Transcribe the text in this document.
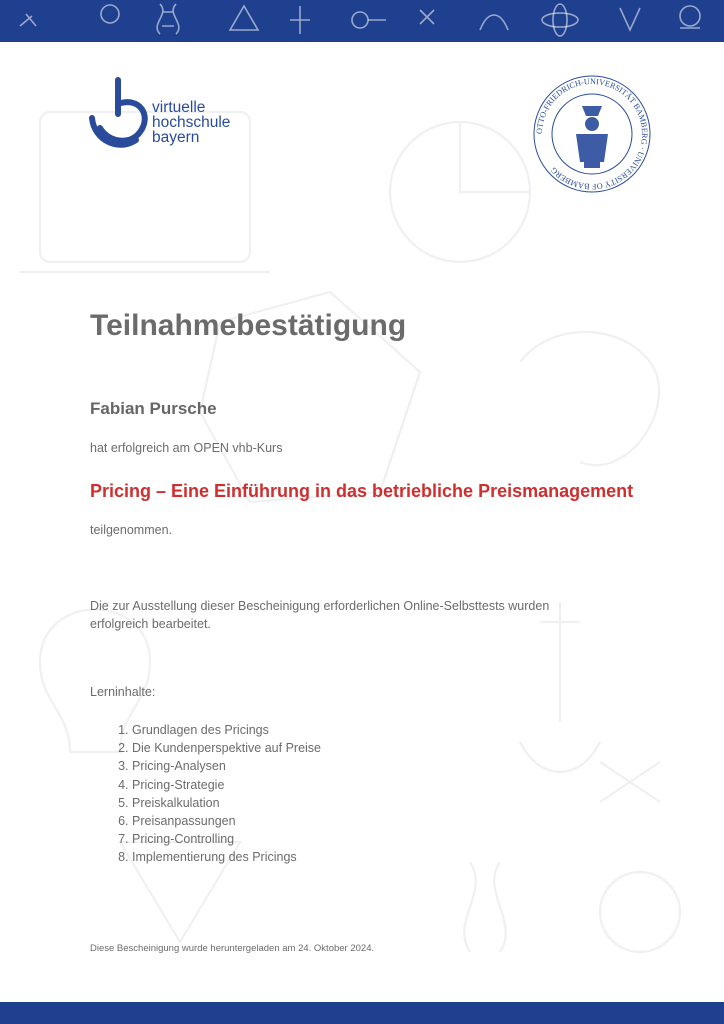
virtuelle
hochschule
bayern	OTTO-FRIEDRICH-UNIVERSITÄT BAMBERG · UNIVERSITY OF BAMBERG
Teilnahmebestätigung

Fabian Pursche

hat erfolgreich am OPEN vhb-Kurs

Pricing – Eine Einführung in das betriebliche Preismanagement

teilgenommen.

Die zur Ausstellung dieser Bescheinigung erforderlichen Online-Selbsttests wurden
erfolgreich bearbeitet.

Lerninhalte:

1. Grundlagen des Pricings
2. Die Kundenperspektive auf Preise
3. Pricing-Analysen
4. Pricing-Strategie
5. Preiskalkulation
6. Preisanpassungen
7. Pricing-Controlling
8. Implementierung des Pricings

Diese Bescheinigung wurde heruntergeladen am 24. Oktober 2024.
